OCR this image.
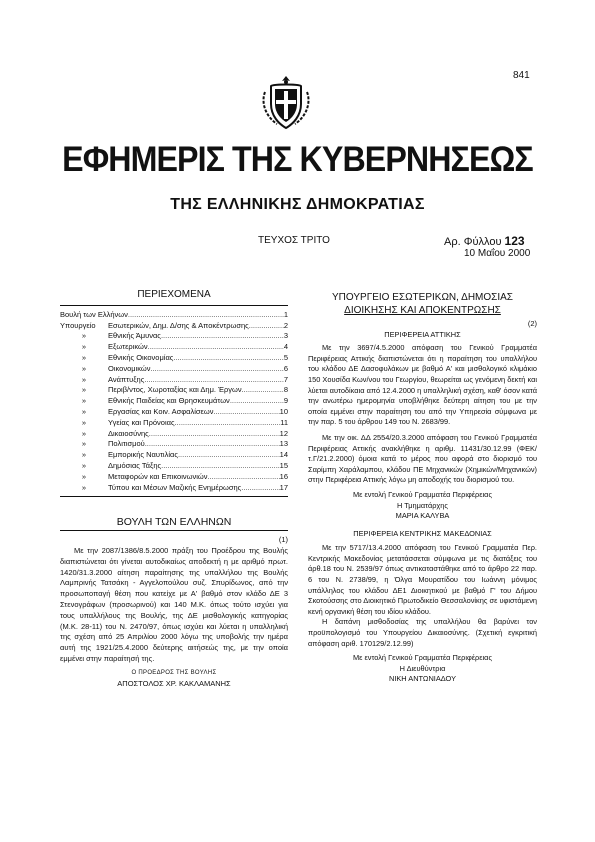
841
ΕΦΗΜΕΡΙΣ ΤΗΣ ΚΥΒΕΡΝΗΣΕΩΣ
ΤΗΣ ΕΛΛΗΝΙΚΗΣ ΔΗΜΟΚΡΑΤΙΑΣ
ΤΕΥΧΟΣ ΤΡΙΤΟ	Αρ. Φύλλου 123
10 Μαΐου 2000
ΠΕΡΙΕΧΟΜΕΝΑ
Βουλή των Ελλήνων .....	1
Υπουργείο	Εσωτερικών, Δημ. Δ/σης & Αποκέντρωσης .....	2
»	Εθνικής Άμυνας .....	3
»	Εξωτερικών .....	4
»	Εθνικής Οικονομίας .....	5
»	Οικονομικών .....	6
»	Ανάπτυξης .....	7
»	Περιβ/ντος, Χωροταξίας και Δημ. Έργων .....	8
»	Εθνικής Παιδείας και Θρησκευμάτων .....	9
»	Εργασίας και Κοιν. Ασφαλίσεων .....	10
»	Υγείας και Πρόνοιας .....	11
»	Δικαιοσύνης .....	12
»	Πολιτισμού .....	13
»	Εμπορικής Ναυτιλίας .....	14
»	Δημόσιας Τάξης .....	15
»	Μεταφορών και Επικοινωνιών .....	16
»	Τύπου και Μέσων Μαζικής Ενημέρωσης .....	17
ΒΟΥΛΗ ΤΩΝ ΕΛΛΗΝΩΝ
(1)
Με την 2087/1386/8.5.2000 πράξη του Προέδρου της Βουλής διαπιστώνεται ότι γίνεται αυτοδικαίως αποδεκτή η με αριθμό πρωτ. 1420/31.3.2000 αίτηση παραίτησης της υπαλλήλου της Βουλής Λαμπρινής Τατσάκη - Αγγελοπούλου συζ. Σπυρίδωνος, από την προσωποπαγή θέση που κατείχε με Α' βαθμό στον κλάδο ΔΕ 3 Στενογράφων (προσωρινού) και 140 Μ.Κ. όπως τούτο ισχύει για τους υπαλλήλους της Βουλής, της ΔΕ μισθολογικής κατηγορίας (Μ.Κ. 28-11) του Ν. 2470/97, όπως ισχύει και λύεται η υπαλληλική της σχέση από 25 Απριλίου 2000 λόγω της υποβολής την ημέρα αυτή της 1921/25.4.2000 δεύτερης αιτήσεώς της, με την οποία εμμένει στην παραίτησή της.
Ο ΠΡΟΕΔΡΟΣ ΤΗΣ ΒΟΥΛΗΣ
ΑΠΟΣΤΟΛΟΣ ΧΡ. ΚΑΚΛΑΜΑΝΗΣ
ΥΠΟΥΡΓΕΙΟ ΕΣΩΤΕΡΙΚΩΝ, ΔΗΜΟΣΙΑΣ
ΔΙΟΙΚΗΣΗΣ ΚΑΙ ΑΠΟΚΕΝΤΡΩΣΗΣ
(2)
ΠΕΡΙΦΕΡΕΙΑ ΑΤΤΙΚΗΣ
Με την 3697/4.5.2000 απόφαση του Γενικού Γραμματέα Περιφέρειας Αττικής διαπιστώνεται ότι η παραίτηση του υπαλλήλου του κλάδου ΔΕ Δασοφυλάκων με βαθμό Α' και μισθολογικό κλιμάκιο 150 Χουσίδα Κων/νου του Γεωργίου, θεωρείται ως γενόμενη δεκτή και λύεται αυτοδίκαια από 12.4.2000 η υπαλληλική σχέση, καθ' όσον κατά την ανωτέρω ημερομηνία υποβλήθηκε δεύτερη αίτηση του με την οποία εμμένει στην παραίτηση του από την Υπηρεσία σύμφωνα με την παρ. 5 του άρθρου 149 του Ν. 2683/99.
Με την οικ. ΔΔ 2554/20.3.2000 απόφαση του Γενικού Γραμματέα Περιφέρειας Αττικής ανακλήθηκε η αριθμ. 11431/30.12.99 (ΦΕΚ/τ.Γ/21.2.2000) όμοια κατά το μέρος που αφορά στο διορισμό του Σαρίμπη Χαράλαμπου, κλάδου ΠΕ Μηχανικών (Χημικών/Μηχανικών) στην Περιφέρεια Αττικής λόγω μη αποδοχής του διορισμού του.
Με εντολή Γενικού Γραμματέα Περιφέρειας
Η Τμηματάρχης
ΜΑΡΙΑ ΚΑΛΥΒΑ
ΠΕΡΙΦΕΡΕΙΑ ΚΕΝΤΡΙΚΗΣ ΜΑΚΕΔΟΝΙΑΣ
Με την 5717/13.4.2000 απόφαση του Γενικού Γραμματέα Περ. Κεντρικής Μακεδονίας μετατάσσεται σύμφωνα με τις διατάξεις του άρθ.18 του Ν. 2539/97 όπως αντικαταστάθηκε από το άρθρο 22 παρ. 6 του Ν. 2738/99, η Όλγα Μουρατίδου του Ιωάννη μόνιμος υπάλληλος του κλάδου ΔΕ1 Διοικητικού με βαθμό Γ' του Δήμου Σκοτούσσης στο Διοικητικό Πρωτοδικείο Θεσσαλονίκης σε υφιστάμενη κενή οργανική θέση του ιδίου κλάδου.
Η δαπάνη μισθοδοσίας της υπαλλήλου θα βαρύνει τον προϋπολογισμό του Υπουργείου Δικαιοσύνης. (Σχετική εγκριτική απόφαση αριθ. 170129/2.12.99)
Με εντολή Γενικού Γραμματέα Περιφέρειας
Η Διευθύντρια
ΝΙΚΗ ΑΝΤΩΝΙΑΔΟΥ
